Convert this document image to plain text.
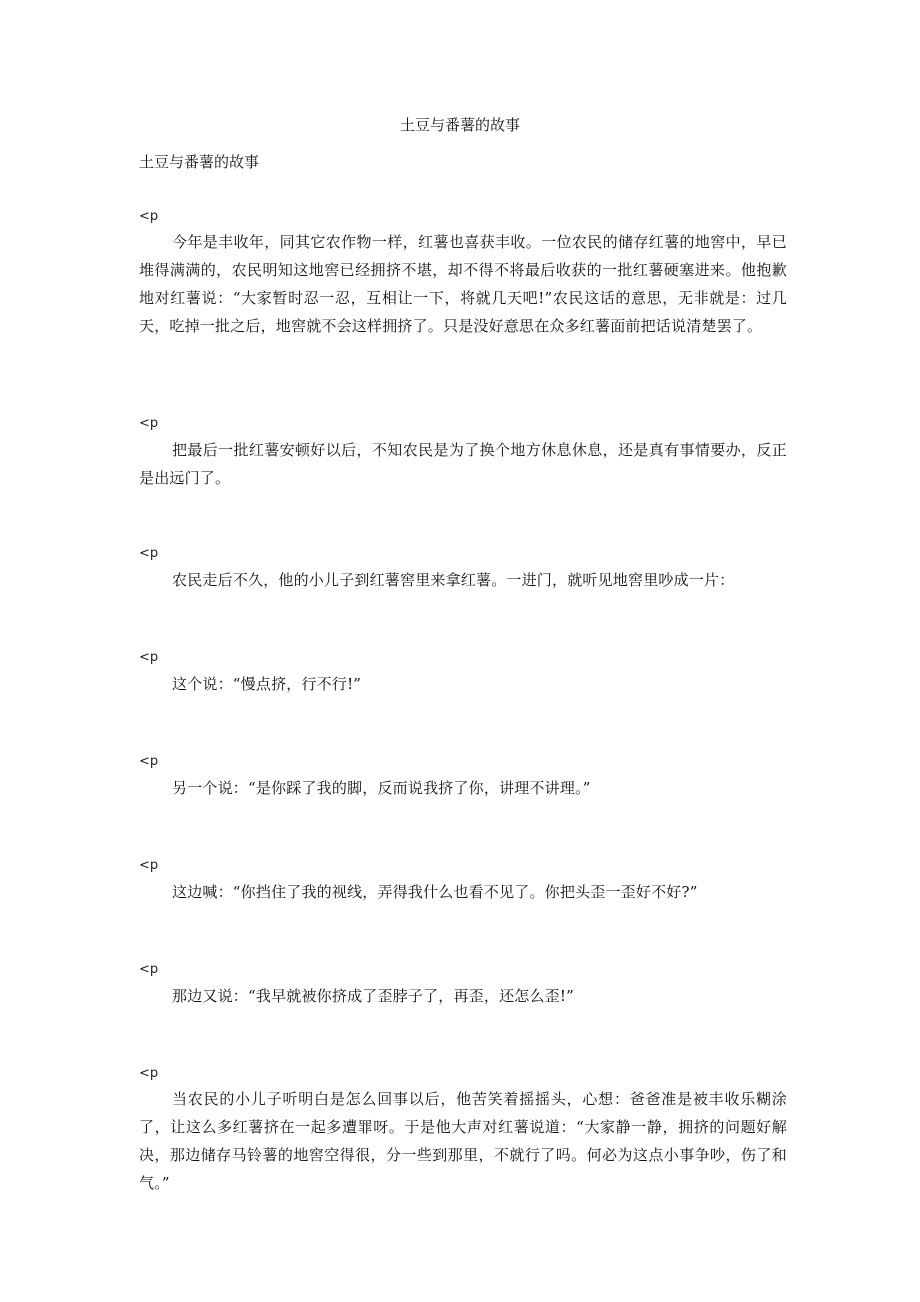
土豆与番薯的故事
土豆与番薯的故事
<p
今年是丰收年，同其它农作物一样，红薯也喜获丰收。一位农民的储存红薯的地窖中，早已堆得满满的，农民明知这地窖已经拥挤不堪，却不得不将最后收获的一批红薯硬塞进来。他抱歉地对红薯说：“大家暂时忍一忍，互相让一下，将就几天吧!”农民这话的意思，无非就是：过几天，吃掉一批之后，地窖就不会这样拥挤了。只是没好意思在众多红薯面前把话说清楚罢了。
<p
把最后一批红薯安顿好以后，不知农民是为了换个地方休息休息，还是真有事情要办，反正是出远门了。
<p
农民走后不久，他的小儿子到红薯窖里来拿红薯。一进门，就听见地窖里吵成一片：
<p
这个说：“慢点挤，行不行!”
<p
另一个说：“是你踩了我的脚，反而说我挤了你，讲理不讲理。”
<p
这边喊：“你挡住了我的视线，弄得我什么也看不见了。你把头歪一歪好不好?”
<p
那边又说：“我早就被你挤成了歪脖子了，再歪，还怎么歪!”
<p
当农民的小儿子听明白是怎么回事以后，他苦笑着摇摇头，心想：爸爸准是被丰收乐糊涂了，让这么多红薯挤在一起多遭罪呀。于是他大声对红薯说道：“大家静一静，拥挤的问题好解决，那边储存马铃薯的地窖空得很，分一些到那里，不就行了吗。何必为这点小事争吵，伤了和气。”
